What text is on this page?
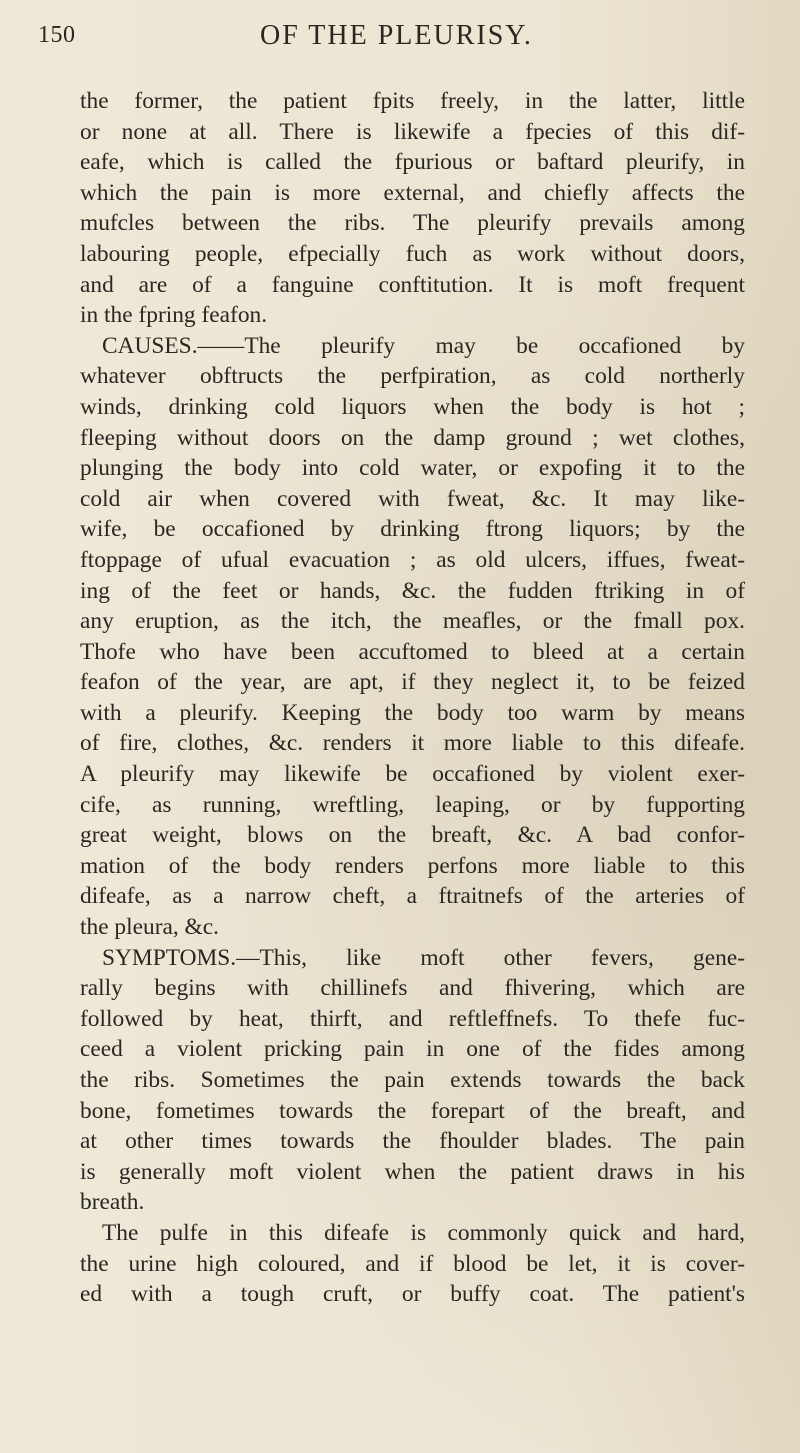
150	OF THE PLEURISY.
the former, the patient fpits freely, in the latter, little
or none at all. There is likewife a fpecies of this dif-
eafe, which is called the fpurious or baftard pleurify, in
which the pain is more external, and chiefly affects the
mufcles between the ribs. The pleurify prevails among
labouring people, efpecially fuch as work without doors,
and are of a fanguine conftitution. It is moft frequent
in the fpring feafon.
CAUSES.——The pleurify may be occafioned by
whatever obftructs the perfpiration, as cold northerly
winds, drinking cold liquors when the body is hot ;
fleeping without doors on the damp ground ; wet clothes,
plunging the body into cold water, or expofing it to the
cold air when covered with fweat, &c. It may like-
wife, be occafioned by drinking ftrong liquors; by the
ftoppage of ufual evacuation ; as old ulcers, iffues, fweat-
ing of the feet or hands, &c. the fudden ftriking in of
any eruption, as the itch, the meafles, or the fmall pox.
Thofe who have been accuftomed to bleed at a certain
feafon of the year, are apt, if they neglect it, to be feized
with a pleurify. Keeping the body too warm by means
of fire, clothes, &c. renders it more liable to this difeafe.
A pleurify may likewife be occafioned by violent exer-
cife, as running, wreftling, leaping, or by fupporting
great weight, blows on the breaft, &c. A bad confor-
mation of the body renders perfons more liable to this
difeafe, as a narrow cheft, a ftraitnefs of the arteries of
the pleura, &c.
SYMPTOMS.—This, like moft other fevers, gene-
rally begins with chillinefs and fhivering, which are
followed by heat, thirft, and reftleffnefs. To thefe fuc-
ceed a violent pricking pain in one of the fides among
the ribs. Sometimes the pain extends towards the back
bone, fometimes towards the forepart of the breaft, and
at other times towards the fhoulder blades. The pain
is generally moft violent when the patient draws in his
breath.
The pulfe in this difeafe is commonly quick and hard,
the urine high coloured, and if blood be let, it is cover-
ed with a tough cruft, or buffy coat. The patient's
